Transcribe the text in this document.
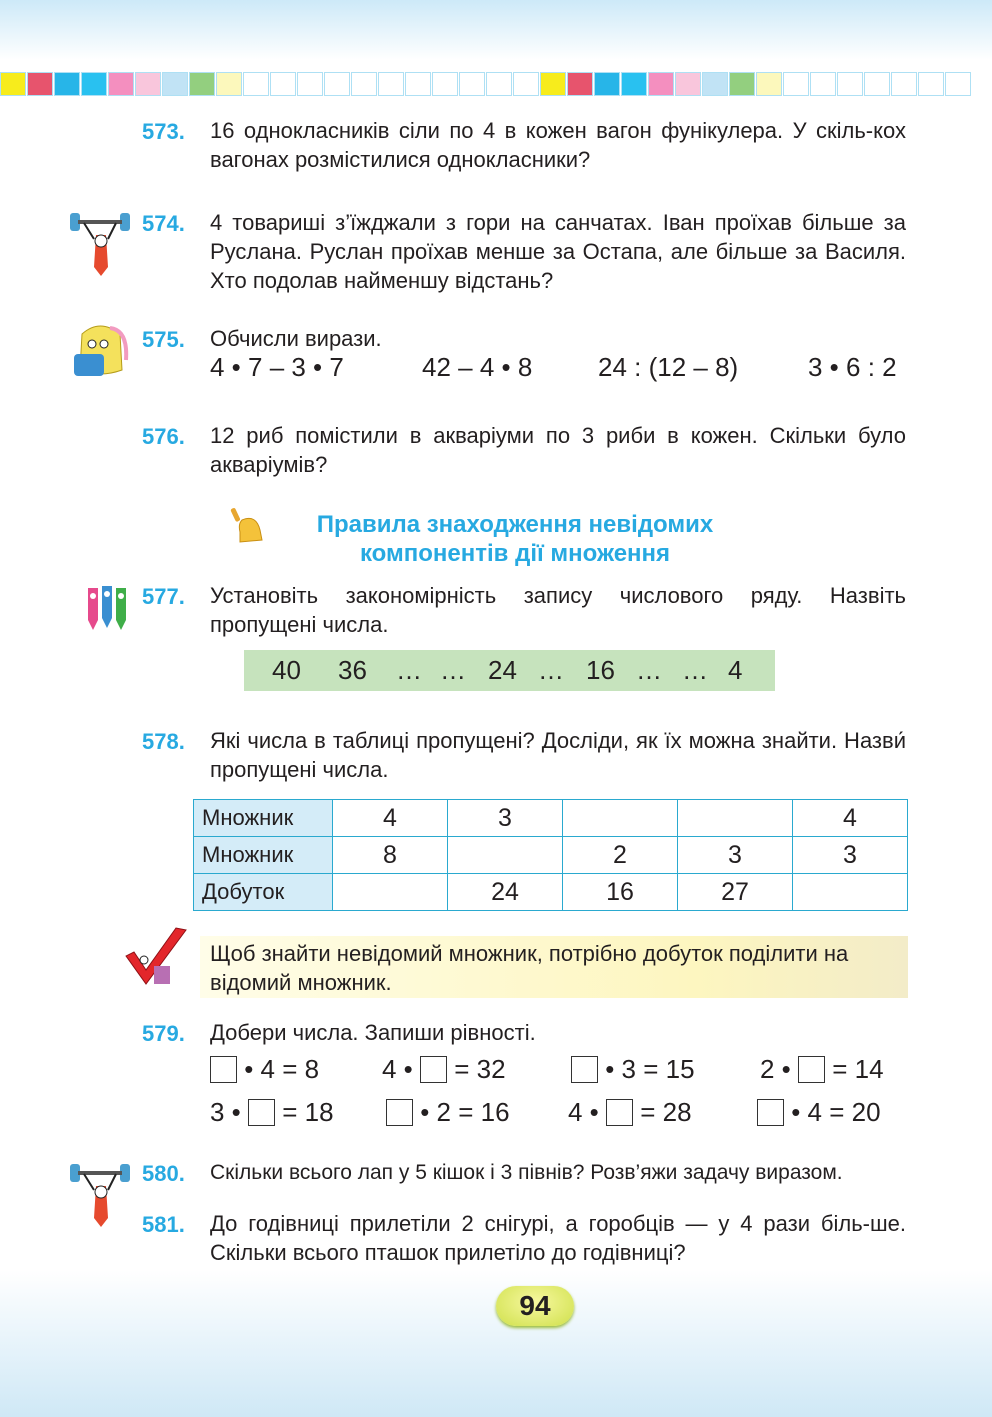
573. 16 однокласників сіли по 4 в кожен вагон фунікулера. У скіль-кох вагонах розмістилися однокласники?
574. 4 товариші з’їжджали з гори на санчатах. Іван проїхав більше за Руслана. Руслан проїхав менше за Остапа, але більше за Василя. Хто подолав найменшу відстань?
575. Обчисли вирази.
4 • 7 – 3 • 7	42 – 4 • 8	24 : (12 – 8)	3 • 6 : 2
576. 12 риб помістили в акваріуми по 3 риби в кожен. Скільки було акваріумів?
Правила знаходження невідомих
компонентів дії множення
577. Установіть закономірність запису числового ряду. Назвіть пропущені числа.
40 36 … … 24 … 16 … … 4
578. Які числа в таблиці пропущені? Досліди, як їх можна знайти. Назви́ пропущені числа.
Множник	4	3			4
Множник	8		2	3	3
Добуток		24	16	27	
Щоб знайти невідомий множник, потрібно добуток поділити на відомий множник.
579. Добери числа. Запиши рівності.

• 4 = 8 4 •

= 32
	• 3 = 15	2 •

= 14
3 •

= 18
	• 2 = 16 4 •

= 28
	• 4 = 20
580. Скільки всього лап у 5 кішок і 3 півнів? Розв’яжи задачу виразом.
581. До годівниці прилетіли 2 снігурі, а горобців — у 4 рази біль-ше. Скільки всього пташок прилетіло до годівниці?
94
